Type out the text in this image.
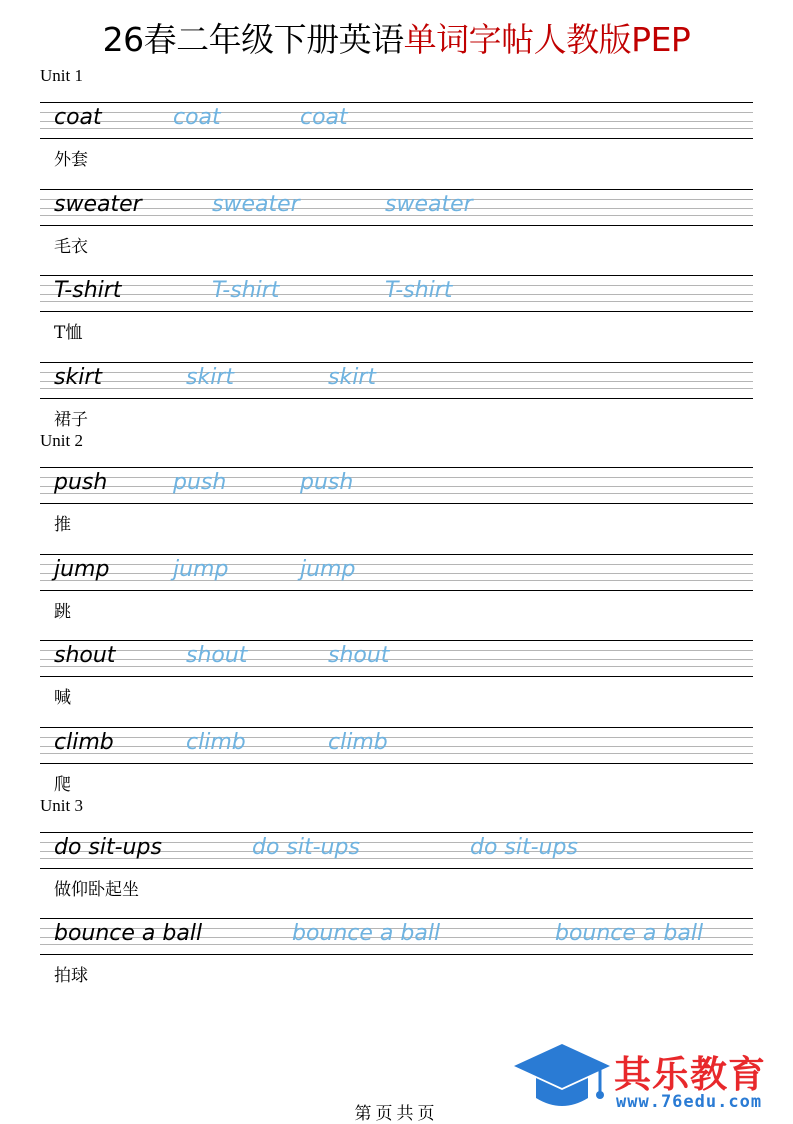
26春二年级下册英语单词字帖人教版PEP
Unit 1
coat	coat	coat
外套
sweater	sweater	sweater
毛衣
T-shirt	T-shirt	T-shirt
T恤
skirt	skirt	skirt
裙子
Unit 2
push	push	push
推
jump	jump	jump
跳
shout	shout	shout
喊
climb	climb	climb
爬
Unit 3
do sit-ups	do sit-ups	do sit-ups
做仰卧起坐
bounce a ball	bounce a ball	bounce a ball
拍球
第页共页
其乐教育
www.76edu.com
